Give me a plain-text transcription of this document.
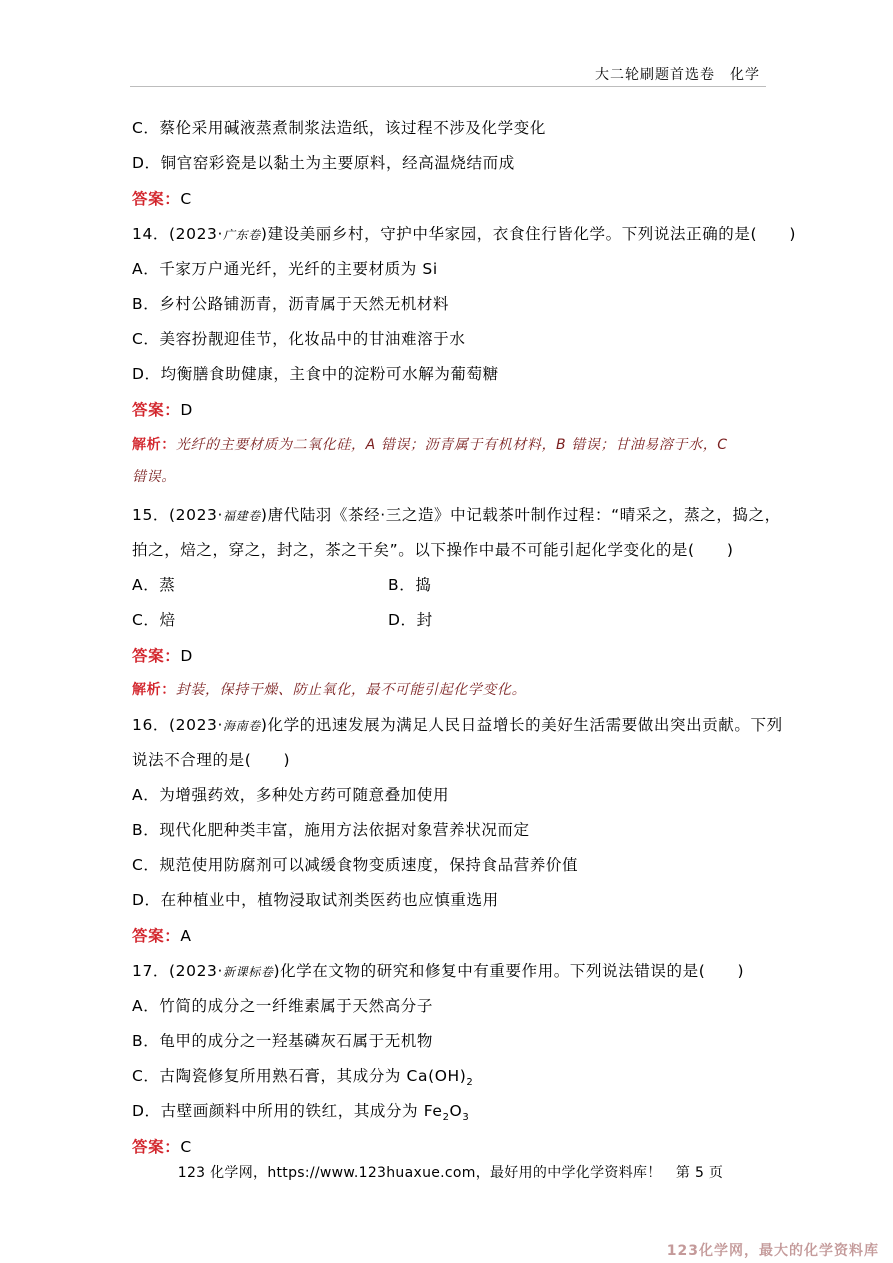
大二轮刷题首选卷　化学
C．蔡伦采用碱液蒸煮制浆法造纸，该过程不涉及化学变化
D．铜官窑彩瓷是以黏土为主要原料，经高温烧结而成
答案：C
14．(2023·广东卷)建设美丽乡村，守护中华家园，衣食住行皆化学。下列说法正确的是(　　)
A．千家万户通光纤，光纤的主要材质为 Si
B．乡村公路铺沥青，沥青属于天然无机材料
C．美容扮靓迎佳节，化妆品中的甘油难溶于水
D．均衡膳食助健康，主食中的淀粉可水解为葡萄糖
答案：D
解析：光纤的主要材质为二氧化硅，A 错误；沥青属于有机材料，B 错误；甘油易溶于水，C
错误。
15．(2023·福建卷)唐代陆羽《茶经·三之造》中记载茶叶制作过程：“晴采之，蒸之，捣之，
拍之，焙之，穿之，封之，茶之干矣”。以下操作中最不可能引起化学变化的是(　　)
A．蒸	B．捣
C．焙	D．封
答案：D
解析：封装，保持干燥、防止氧化，最不可能引起化学变化。
16．(2023·海南卷)化学的迅速发展为满足人民日益增长的美好生活需要做出突出贡献。下列
说法不合理的是(　　)
A．为增强药效，多种处方药可随意叠加使用
B．现代化肥种类丰富，施用方法依据对象营养状况而定
C．规范使用防腐剂可以减缓食物变质速度，保持食品营养价值
D．在种植业中，植物浸取试剂类医药也应慎重选用
答案：A
17．(2023·新课标卷)化学在文物的研究和修复中有重要作用。下列说法错误的是(　　)
A．竹简的成分之一纤维素属于天然高分子
B．龟甲的成分之一羟基磷灰石属于无机物
C．古陶瓷修复所用熟石膏，其成分为 $Ca(OH)_2$
D．古壁画颜料中所用的铁红，其成分为 $Fe_2O_3$
答案：C
123 化学网，https://www.123huaxue.com，最好用的中学化学资料库！　第 5 页
123化学网，最大的化学资料库
